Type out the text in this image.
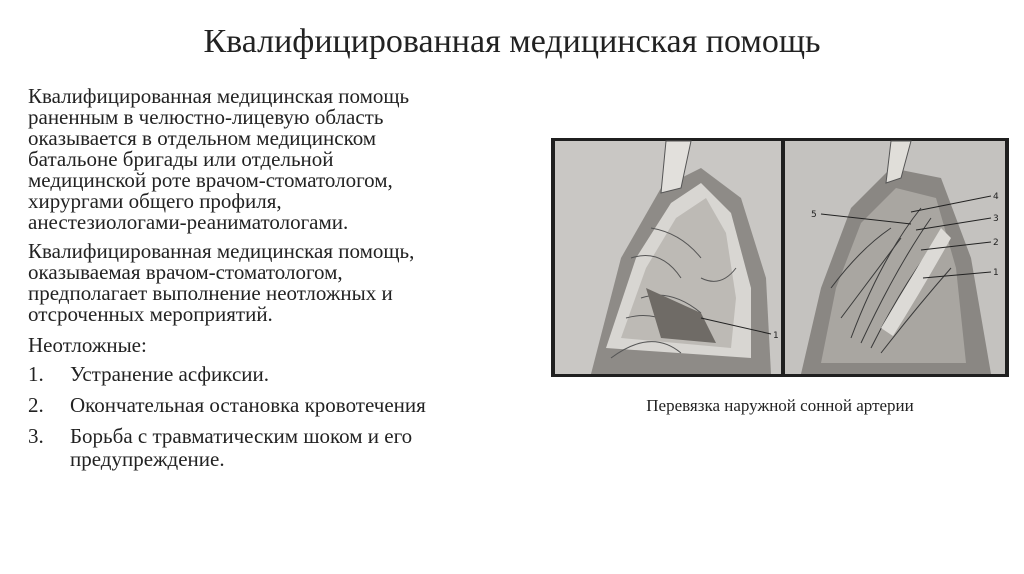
Квалифицированная медицинская помощь

Квалифицированная медицинская помощь
раненным в челюстно-лицевую область
оказывается в отдельном медицинском
батальоне бригады или отдельной
медицинской роте врачом-стоматологом,
хирургами общего профиля,
анестезиологами-реаниматологами.

Квалифицированная медицинская помощь,
оказываемая врачом-стоматологом,
предполагает выполнение неотложных и
отсроченных мероприятий.

Неотложные:
1.	Устранение асфиксии.
2.	Окончательная остановка кровотечения
3.	Борьба с травматическим шоком и его
предупреждение.
1
5
4
3
2
1
Перевязка наружной сонной артерии
